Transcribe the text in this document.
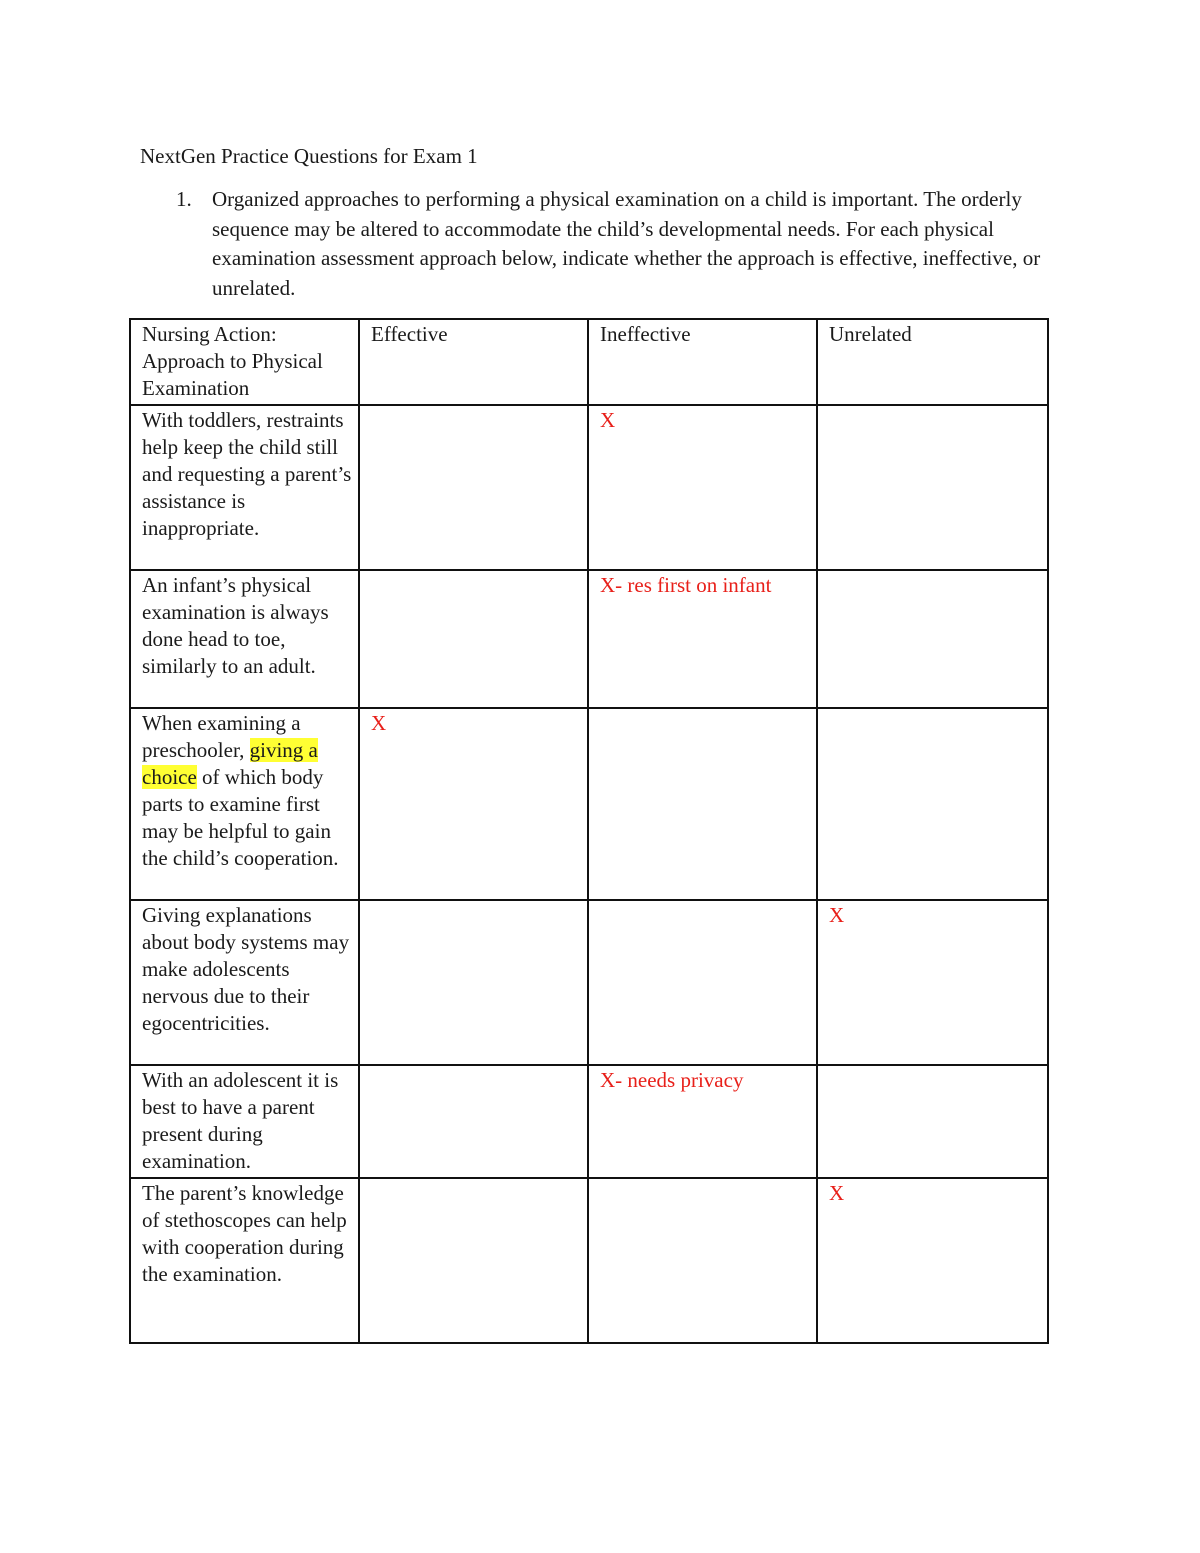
NextGen Practice Questions for Exam 1
1. Organized approaches to performing a physical examination on a child is important. The orderly sequence may be altered to accommodate the child’s developmental needs. For each physical examination assessment approach below, indicate whether the approach is effective, ineffective, or unrelated.
Nursing Action: Approach to Physical Examination	Effective	Ineffective	Unrelated
With toddlers, restraints help keep the child still and requesting a parent’s assistance is inappropriate.		X	
An infant’s physical examination is always done head to toe, similarly to an adult.		X- res first on infant	
When examining a preschooler, giving a choice of which body parts to examine first may be helpful to gain the child’s cooperation.	X		
Giving explanations about body systems may make adolescents nervous due to their egocentricities.			X
With an adolescent it is best to have a parent present during examination.		X- needs privacy	
The parent’s knowledge of stethoscopes can help with cooperation during the examination.			X
